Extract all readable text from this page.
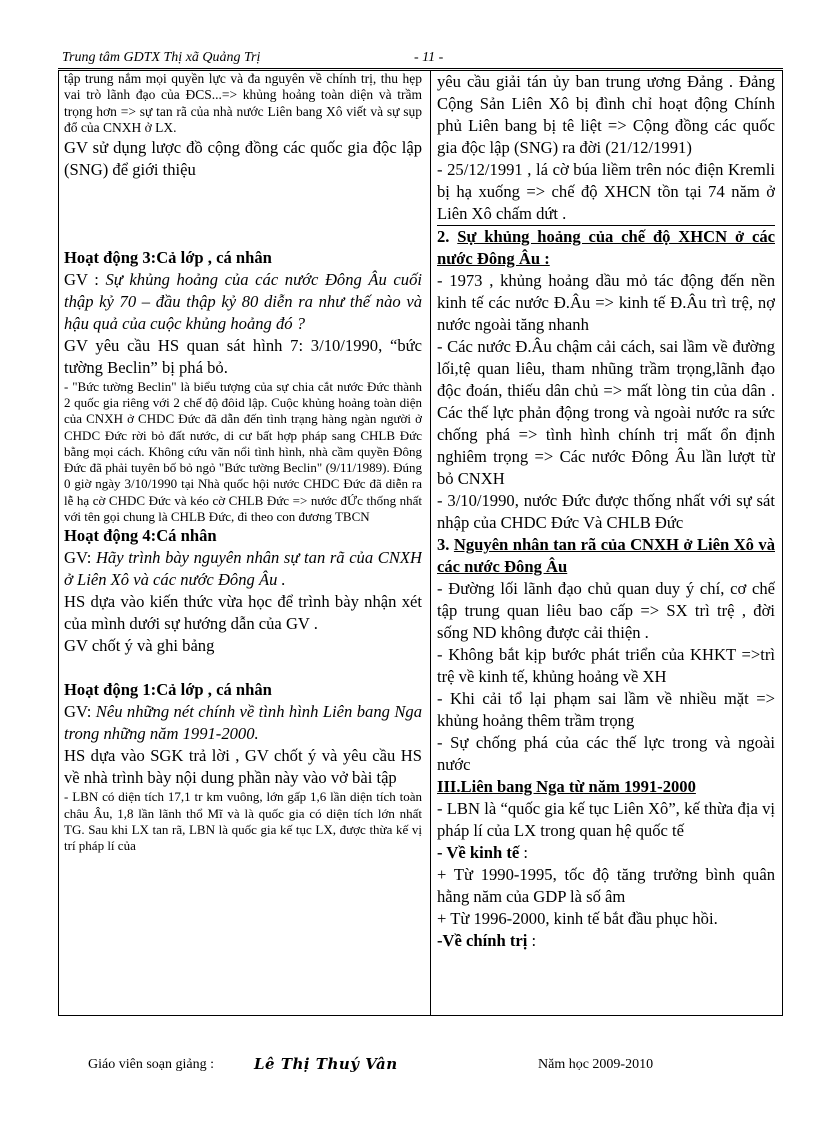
Trung tâm GDTX Thị xã Quảng Trị	- 11 -

tập trung nắm mọi quyền lực và đa nguyên về chính trị, thu hẹp vai trò lãnh đạo của ĐCS...=> khủng hoảng toàn diện và trầm trọng hơn => sự tan rã của nhà nước Liên bang Xô viết và sự sụp đổ của CNXH ở LX.

GV sử dụng lược đồ cộng đồng các quốc gia độc lập (SNG) để giới thiệu

Hoạt động 3:Cả lớp , cá nhân

GV : Sự khủng hoảng của các nước Đông Âu cuối thập kỷ 70 – đầu thập kỷ 80 diễn ra như thế nào và hậu quả của cuộc khủng hoảng đó ?

GV yêu cầu HS quan sát hình 7: 3/10/1990, “bức tường Beclin” bị phá bỏ.

- "Bức tường Beclin" là biểu tượng của sự chia cắt nước Đức thành 2 quốc gia riêng với 2 chế độ đôid lập. Cuộc khủng hoảng toàn diện của CNXH ở CHDC Đức đã dẫn đến tình trạng hàng ngàn người ở CHDC Đức rời bỏ đất nước, di cư bất hợp pháp sang CHLB Đức bằng mọi cách. Không cứu vãn nổi tình hình, nhà cầm quyền Đông Đức đã phải tuyên bố bỏ ngỏ "Bức tường Beclin" (9/11/1989). Đúng 0 giờ ngày 3/10/1990 tại Nhà quốc hội nước CHDC Đức đã diễn ra lễ hạ cờ CHDC Đức và kéo cờ CHLB Đức => nước đỨc thống nhất với tên gọi chung là CHLB Đức, đi theo con đương TBCN

Hoạt động 4:Cá nhân

GV: Hãy trình bày nguyên nhân sự tan rã của CNXH ở Liên Xô và các nước Đông Âu .

HS dựa vào kiến thức vừa học để trình bày nhận xét của mình dưới sự hướng dẫn của GV .

GV chốt ý và ghi bảng

Hoạt động 1:Cả lớp , cá nhân

GV: Nêu những nét chính về tình hình Liên bang Nga trong những năm 1991-2000.

HS dựa vào SGK trả lời , GV chốt ý và yêu cầu HS về nhà trình bày nội dung phần này vào vở bài tập

- LBN có diện tích 17,1 tr km vuông, lớn gấp 1,6 lần diện tích toàn châu Âu, 1,8 lần lãnh thổ Mĩ và là quốc gia có diện tích lớn nhất TG. Sau khi LX tan rã, LBN là quốc gia kế tục LX, được thừa kế vị trí pháp lí của

yêu cầu giải tán ủy ban trung ương Đảng . Đảng Cộng Sản Liên Xô bị đình chỉ hoạt động Chính phủ Liên bang bị tê liệt => Cộng đồng các quốc gia độc lập (SNG) ra đời (21/12/1991)

- 25/12/1991 , lá cờ búa liềm trên nóc điện Kremli bị hạ xuống => chế độ XHCN tồn tại 74 năm ở Liên Xô chấm dứt .

2. Sự khủng hoảng của chế độ XHCN ở các nước Đông Âu :

- 1973 , khủng hoảng dầu mỏ tác động đến nền kinh tế các nước Đ.Âu => kinh tế Đ.Âu trì trệ, nợ nước ngoài tăng nhanh

- Các nước Đ.Âu chậm cải cách, sai lầm về đường lối,tệ quan liêu, tham nhũng trầm trọng,lãnh đạo độc đoán, thiếu dân chủ => mất lòng tin của dân . Các thế lực phản động trong và ngoài nước ra sức chống phá => tình hình chính trị mất ổn định nghiêm trọng => Các nước Đông Âu lần lượt từ bỏ CNXH

- 3/10/1990, nước Đức được thống nhất với sự sát nhập của CHDC Đức Và CHLB Đức

3. Nguyên nhân tan rã của CNXH ở Liên Xô và các nước Đông Âu

- Đường lối lãnh đạo chủ quan duy ý chí, cơ chế tập trung quan liêu bao cấp => SX trì trệ , đời sống ND không được cải thiện .

- Không bắt kịp bước phát triển của KHKT =>trì trệ về kinh tế, khủng hoảng về XH

- Khi cải tổ lại phạm sai lầm về nhiều mặt => khủng hoảng thêm trầm trọng

- Sự chống phá của các thế lực trong và ngoài nước

III.Liên bang Nga từ năm 1991-2000

- LBN là “quốc gia kế tục Liên Xô”, kế thừa địa vị pháp lí của LX trong quan hệ quốc tế

- Về kinh tế :

+ Từ 1990-1995, tốc độ tăng trưởng bình quân hằng năm của GDP là số âm

+ Từ 1996-2000, kinh tế bắt đầu phục hồi.

-Về chính trị :

Giáo viên soạn giảng :	Lê Thị Thuý Vân	Năm học 2009-2010
